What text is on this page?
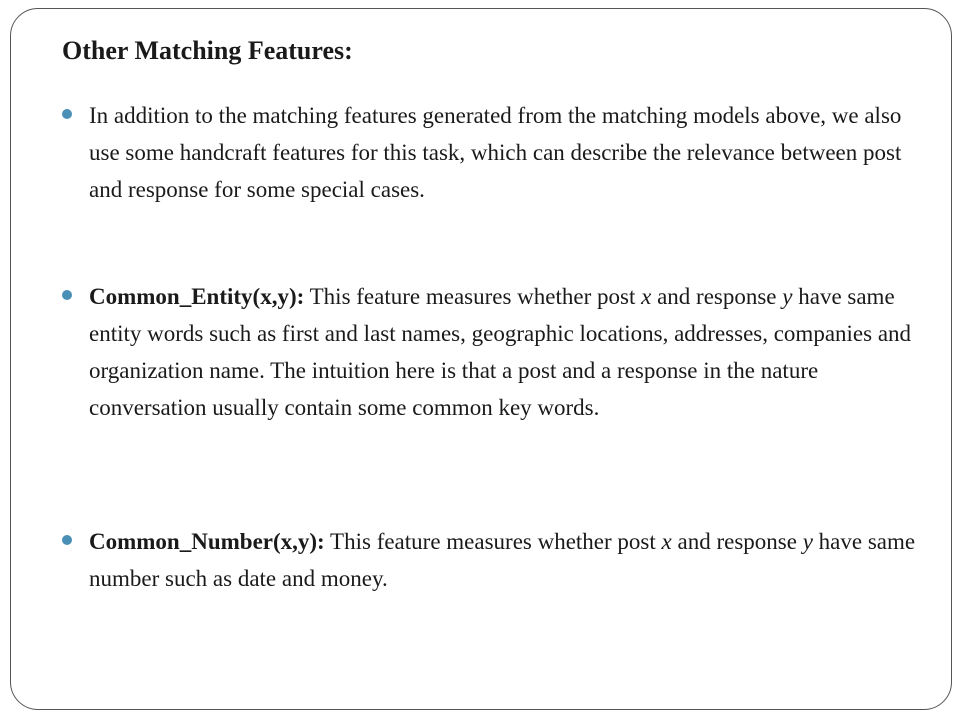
Other Matching Features:

In addition to the matching features generated from the matching models above, we also use some handcraft features for this task, which can describe the relevance between post and response for some special cases.

Common_Entity(x,y): This feature measures whether post x and response y have same entity words such as first and last names, geographic locations, addresses, companies and organization name. The intuition here is that a post and a response in the nature conversation usually contain some common key words.

Common_Number(x,y): This feature measures whether post x and response y have same number such as date and money.
